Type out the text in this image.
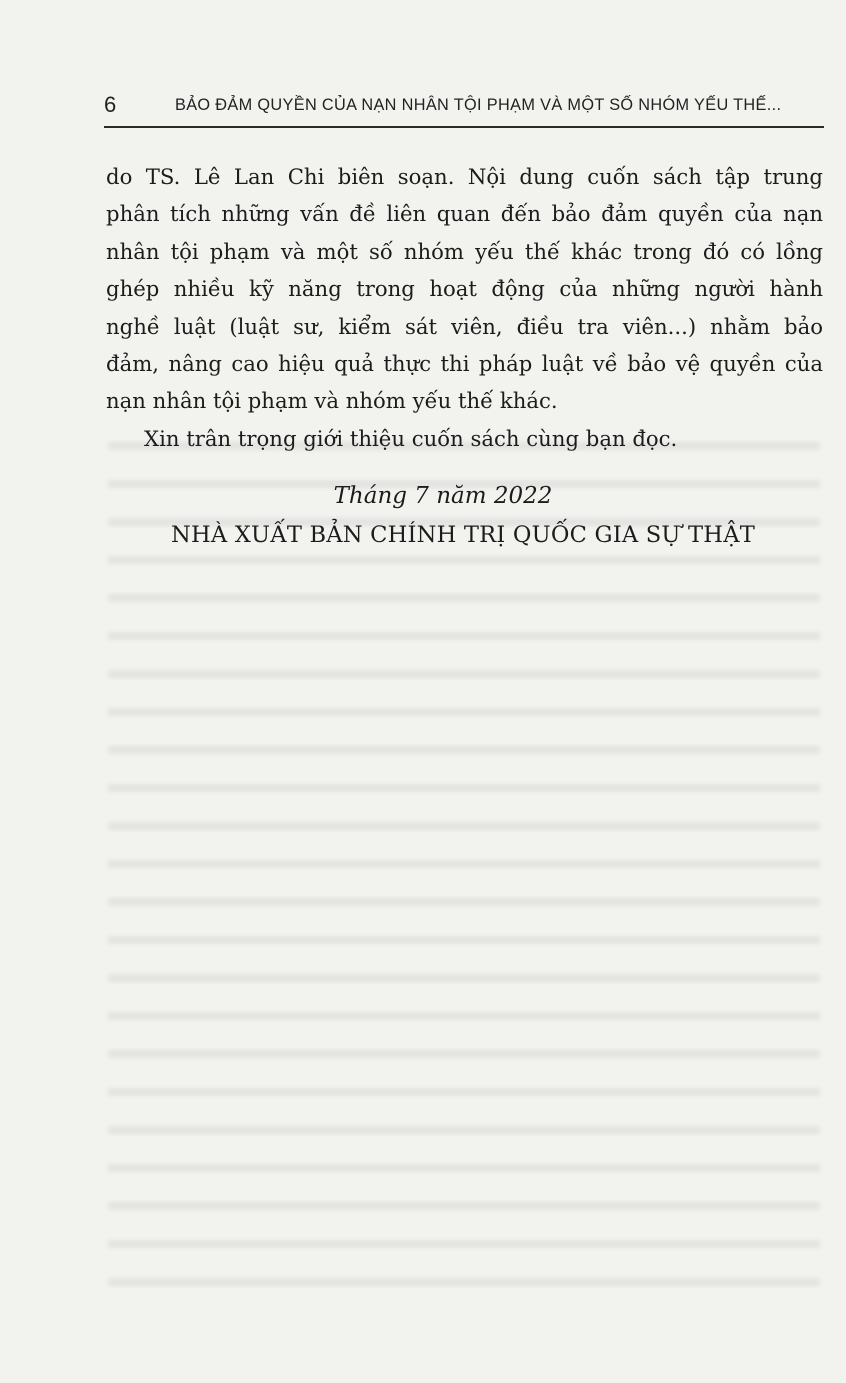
6	BẢO ĐẢM QUYỀN CỦA NẠN NHÂN TỘI PHẠM VÀ MỘT SỐ NHÓM YẾU THẾ...
do TS. Lê Lan Chi biên soạn. Nội dung cuốn sách tập trung
phân tích những vấn đề liên quan đến bảo đảm quyền của nạn
nhân tội phạm và một số nhóm yếu thế khác trong đó có lồng
ghép nhiều kỹ năng trong hoạt động của những người hành
nghề luật (luật sư, kiểm sát viên, điều tra viên...) nhằm bảo
đảm, nâng cao hiệu quả thực thi pháp luật về bảo vệ quyền của
nạn nhân tội phạm và nhóm yếu thế khác.
Xin trân trọng giới thiệu cuốn sách cùng bạn đọc.
Tháng 7 năm 2022
NHÀ XUẤT BẢN CHÍNH TRỊ QUỐC GIA SỰ THẬT
